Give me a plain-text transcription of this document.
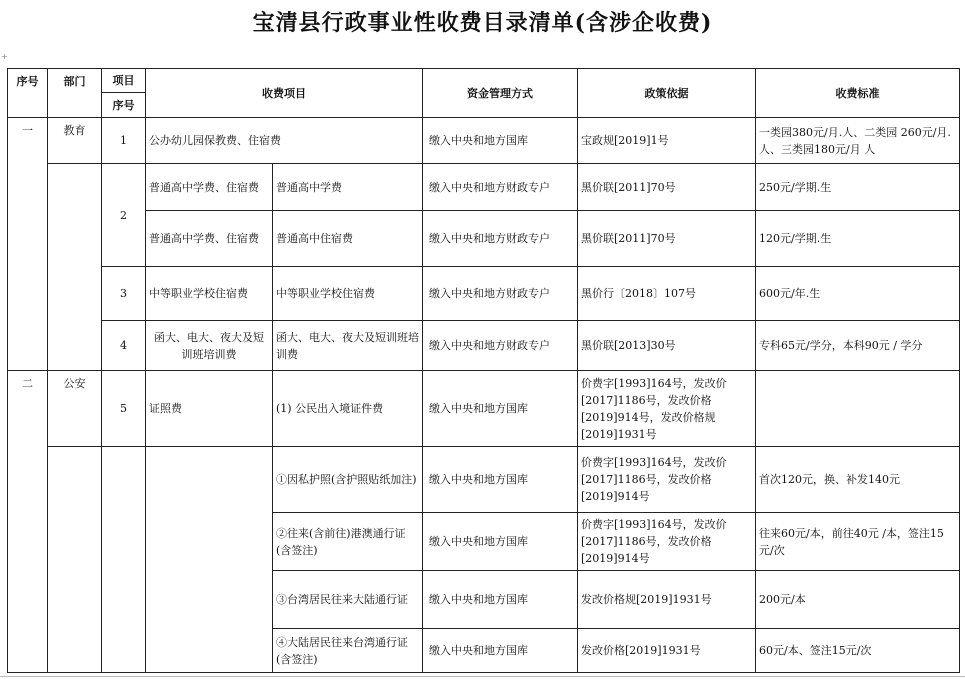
宝清县行政事业性收费目录清单(含涉企收费)
+
序号	部门	项目	收费项目		资金管理方式	政策依据	收费标准
		序号					
一	教育	1	公办幼儿园保教费、住宿费		缴入中央和地方国库	宝政规[2019]1号	一类园380元/月.人、二类园 260元/月.人、三类园180元/月 人
		2	普通高中学费、住宿费	普通高中学费	缴入中央和地方财政专户	黑价联[2011]70号	250元/学期.生
			普通高中学费、住宿费	普通高中住宿费	缴入中央和地方财政专户	黑价联[2011]70号	120元/学期.生
		3	中等职业学校住宿费	中等职业学校住宿费	缴入中央和地方财政专户	黑价行〔2018〕107号	600元/年.生
		4	函大、电大、夜大及短训班培训费	函大、电大、夜大及短训班培训费	缴入中央和地方财政专户	黑价联[2013]30号	专科65元/学分，本科90元 / 学分

二	公安	5	证照费	(1) 公民出入境证件费	缴入中央和地方国库	价费字[1993]164号，发改价[2017]1186号，发改价格[2019]914号，发改价格规[2019]1931号	
				①因私护照(含护照贴纸加注)	缴入中央和地方国库	价费字[1993]164号，发改价[2017]1186号，发改价格[2019]914号	首次120元，换、补发140元
				②往来(含前往)港澳通行证(含签注)	缴入中央和地方国库	价费字[1993]164号，发改价[2017]1186号，发改价格[2019]914号	往来60元/本，前往40元 /本，签注15元/次
				③台湾居民往来大陆通行证	缴入中央和地方国库	发改价格规[2019]1931号	200元/本
				④大陆居民往来台湾通行证(含签注)	缴入中央和地方国库	发改价格[2019]1931号	60元/本、签注15元/次
